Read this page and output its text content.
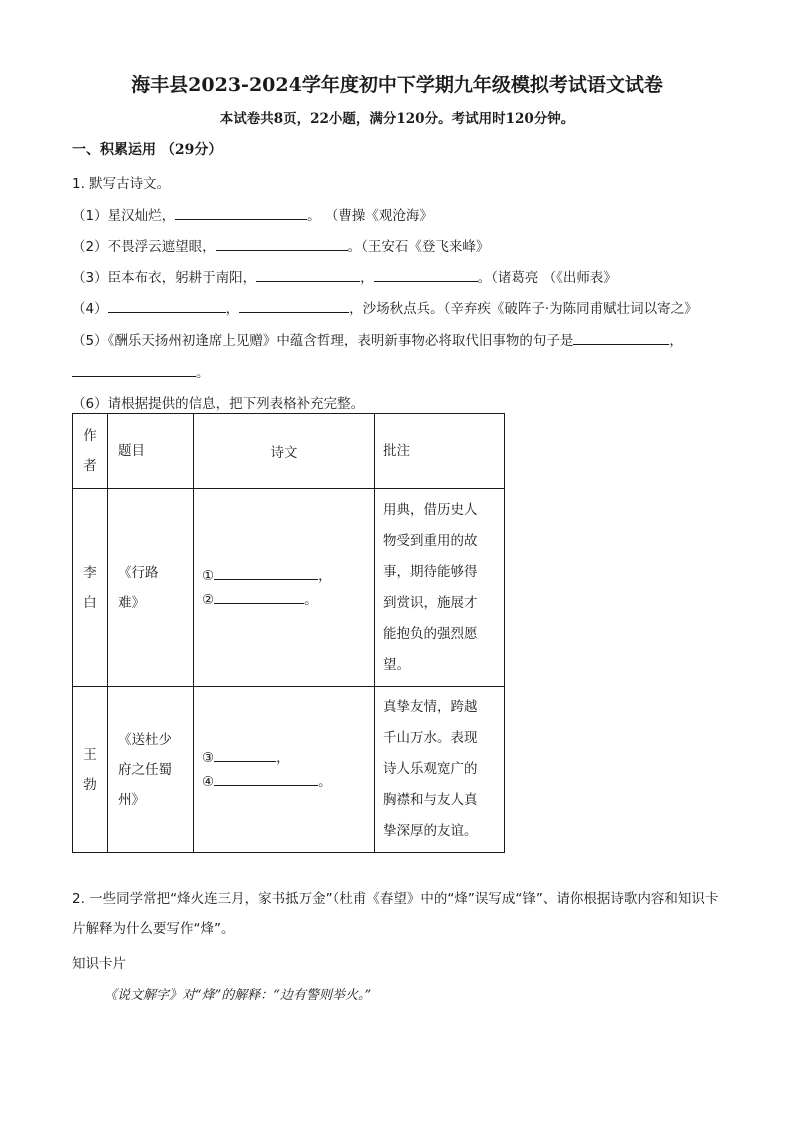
海丰县2023-2024学年度初中下学期九年级模拟考试语文试卷
本试卷共8页，22小题，满分120分。考试用时120分钟。
一、积累运用 （29分）
1. 默写古诗文。
（1）星汉灿烂，	。 （曹操《观沧海》
（2）不畏浮云遮望眼，	。（王安石《登飞来峰》
（3）臣本布衣，躬耕于南阳，	，	。（诸葛亮 （《出师表》
（4）	，	，沙场秋点兵。（辛弃疾《破阵子·为陈同甫赋壮词以寄之》
（5）《酬乐天扬州初逢席上见赠》中蕴含哲理，表明新事物必将取代旧事物的句子是	，
。
（6）请根据提供的信息，把下列表格补充完整。
作者	题目	诗文	批注

李白	《行路难》	① ，
② 。	用典，借历史人物受到重用的故事，期待能够得到赏识，施展才能抱负的强烈愿望。

王勃	《送杜少府之任蜀州》	③ ，
④ 。	真挚友情，跨越千山万水。表现诗人乐观宽广的胸襟和与友人真挚深厚的友谊。
2. 一些同学常把“烽火连三月，家书抵万金”（杜甫《春望》中的“烽”误写成“锋”、请你根据诗歌内容和知识卡片解释为什么要写作“烽”。
知识卡片
《说文解字》对“烽”的解释：“边有警则举火。”
